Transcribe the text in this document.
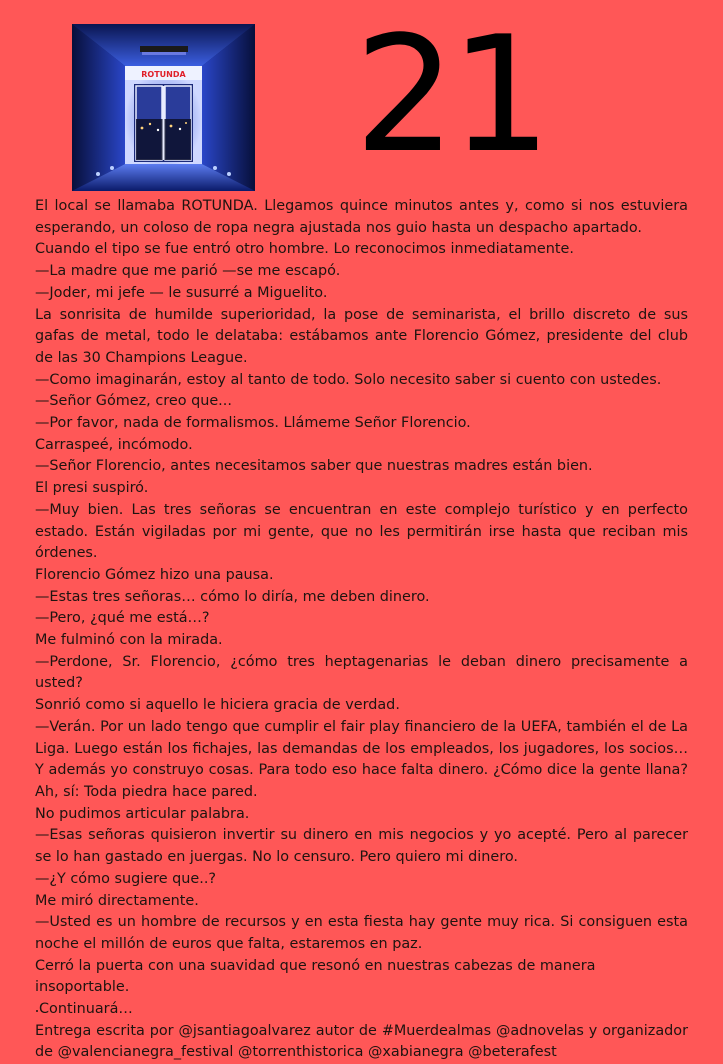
ROTUNDA 21

El local se llamaba ROTUNDA. Llegamos quince minutos antes y, como si nos estuviera esperando, un coloso de ropa negra ajustada nos guio hasta un despacho apartado.

Cuando el tipo se fue entró otro hombre. Lo reconocimos inmediatamente.

—La madre que me parió —se me escapó.

—Joder, mi jefe — le susurré a Miguelito.

La sonrisita de humilde superioridad, la pose de seminarista, el brillo discreto de sus gafas de metal, todo le delataba: estábamos ante Florencio Gómez, presidente del club de las 30 Champions League.

—Como imaginarán, estoy al tanto de todo. Solo necesito saber si cuento con ustedes.

—Señor Gómez, creo que...

—Por favor, nada de formalismos. Llámeme Señor Florencio.

Carraspeé, incómodo.

—Señor Florencio, antes necesitamos saber que nuestras madres están bien.

El presi suspiró.

—Muy bien. Las tres señoras se encuentran en este complejo turístico y en perfecto estado. Están vigiladas por mi gente, que no les permitirán irse hasta que reciban mis órdenes.

Florencio Gómez hizo una pausa.

—Estas tres señoras… cómo lo diría, me deben dinero.

—Pero, ¿qué me está…?

Me fulminó con la mirada.

—Perdone, Sr. Florencio, ¿cómo tres heptagenarias le deban dinero precisamente a usted?

Sonrió como si aquello le hiciera gracia de verdad.

—Verán. Por un lado tengo que cumplir el fair play financiero de la UEFA, también el de La Liga. Luego están los fichajes, las demandas de los empleados, los jugadores, los socios… Y además yo construyo cosas. Para todo eso hace falta dinero. ¿Cómo dice la gente llana? Ah, sí: Toda piedra hace pared.

No pudimos articular palabra.

—Esas señoras quisieron invertir su dinero en mis negocios y yo acepté. Pero al parecer se lo han gastado en juergas. No lo censuro. Pero quiero mi dinero.

—¿Y cómo sugiere que..?

Me miró directamente.

—Usted es un hombre de recursos y en esta fiesta hay gente muy rica. Si consiguen esta noche el millón de euros que falta, estaremos en paz.

Cerró la puerta con una suavidad que resonó en nuestras cabezas de manera insoportable.

Continuará…

Entrega escrita por @jsantiagoalvarez autor de #Muerdealmas @adnovelas y organizador de @valencianegra_festival @torrenthistorica @xabianegra @beterafest
